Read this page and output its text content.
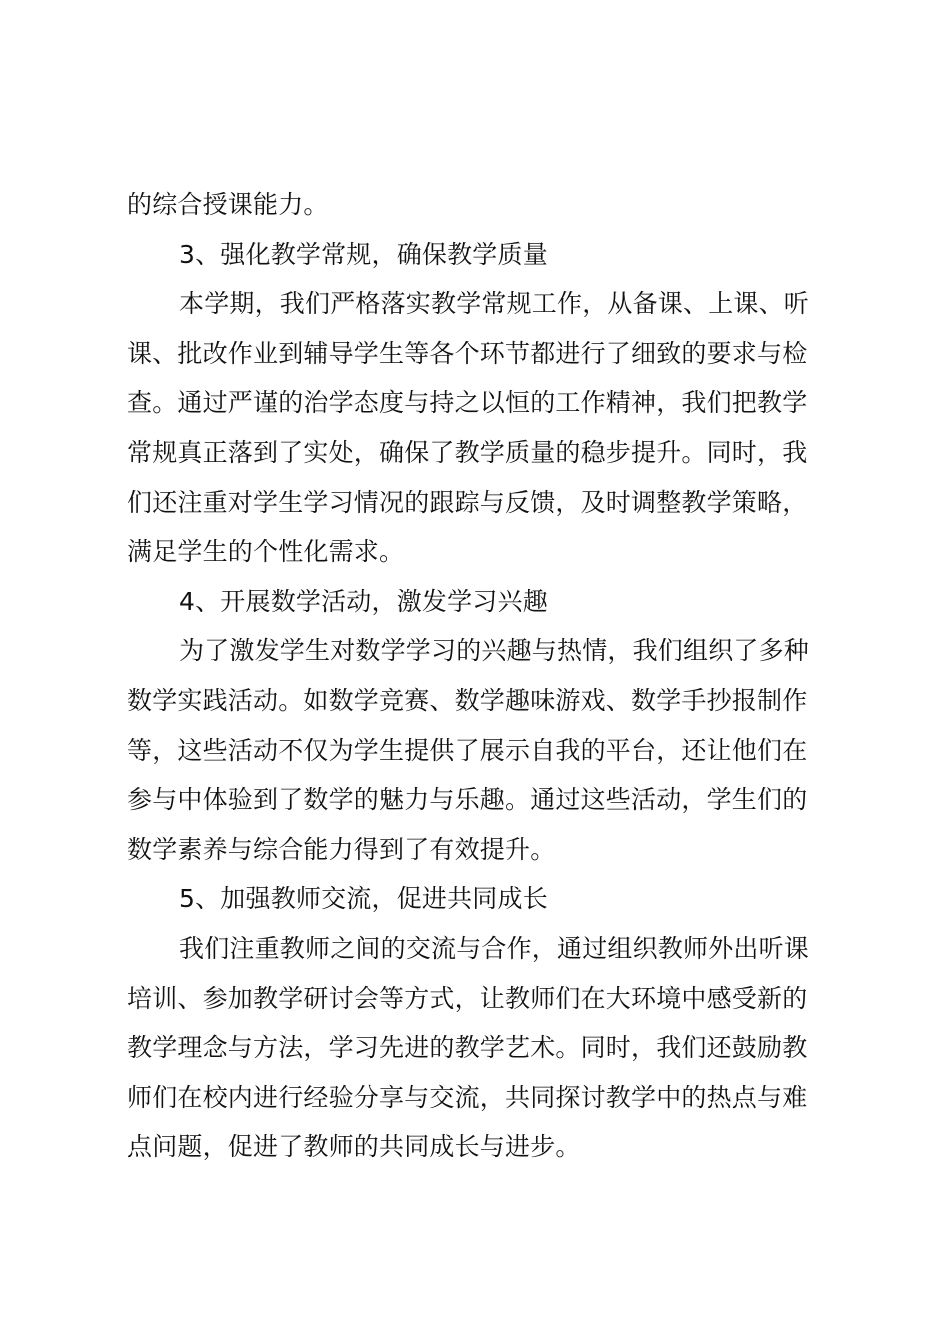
的综合授课能力。
3、强化教学常规，确保教学质量
本学期，我们严格落实教学常规工作，从备课、上课、听
课、批改作业到辅导学生等各个环节都进行了细致的要求与检
查。通过严谨的治学态度与持之以恒的工作精神，我们把教学
常规真正落到了实处，确保了教学质量的稳步提升。同时，我
们还注重对学生学习情况的跟踪与反馈，及时调整教学策略，
满足学生的个性化需求。
4、开展数学活动，激发学习兴趣
为了激发学生对数学学习的兴趣与热情，我们组织了多种
数学实践活动。如数学竞赛、数学趣味游戏、数学手抄报制作
等，这些活动不仅为学生提供了展示自我的平台，还让他们在
参与中体验到了数学的魅力与乐趣。通过这些活动，学生们的
数学素养与综合能力得到了有效提升。
5、加强教师交流，促进共同成长
我们注重教师之间的交流与合作，通过组织教师外出听课
培训、参加教学研讨会等方式，让教师们在大环境中感受新的
教学理念与方法，学习先进的教学艺术。同时，我们还鼓励教
师们在校内进行经验分享与交流，共同探讨教学中的热点与难
点问题，促进了教师的共同成长与进步。
